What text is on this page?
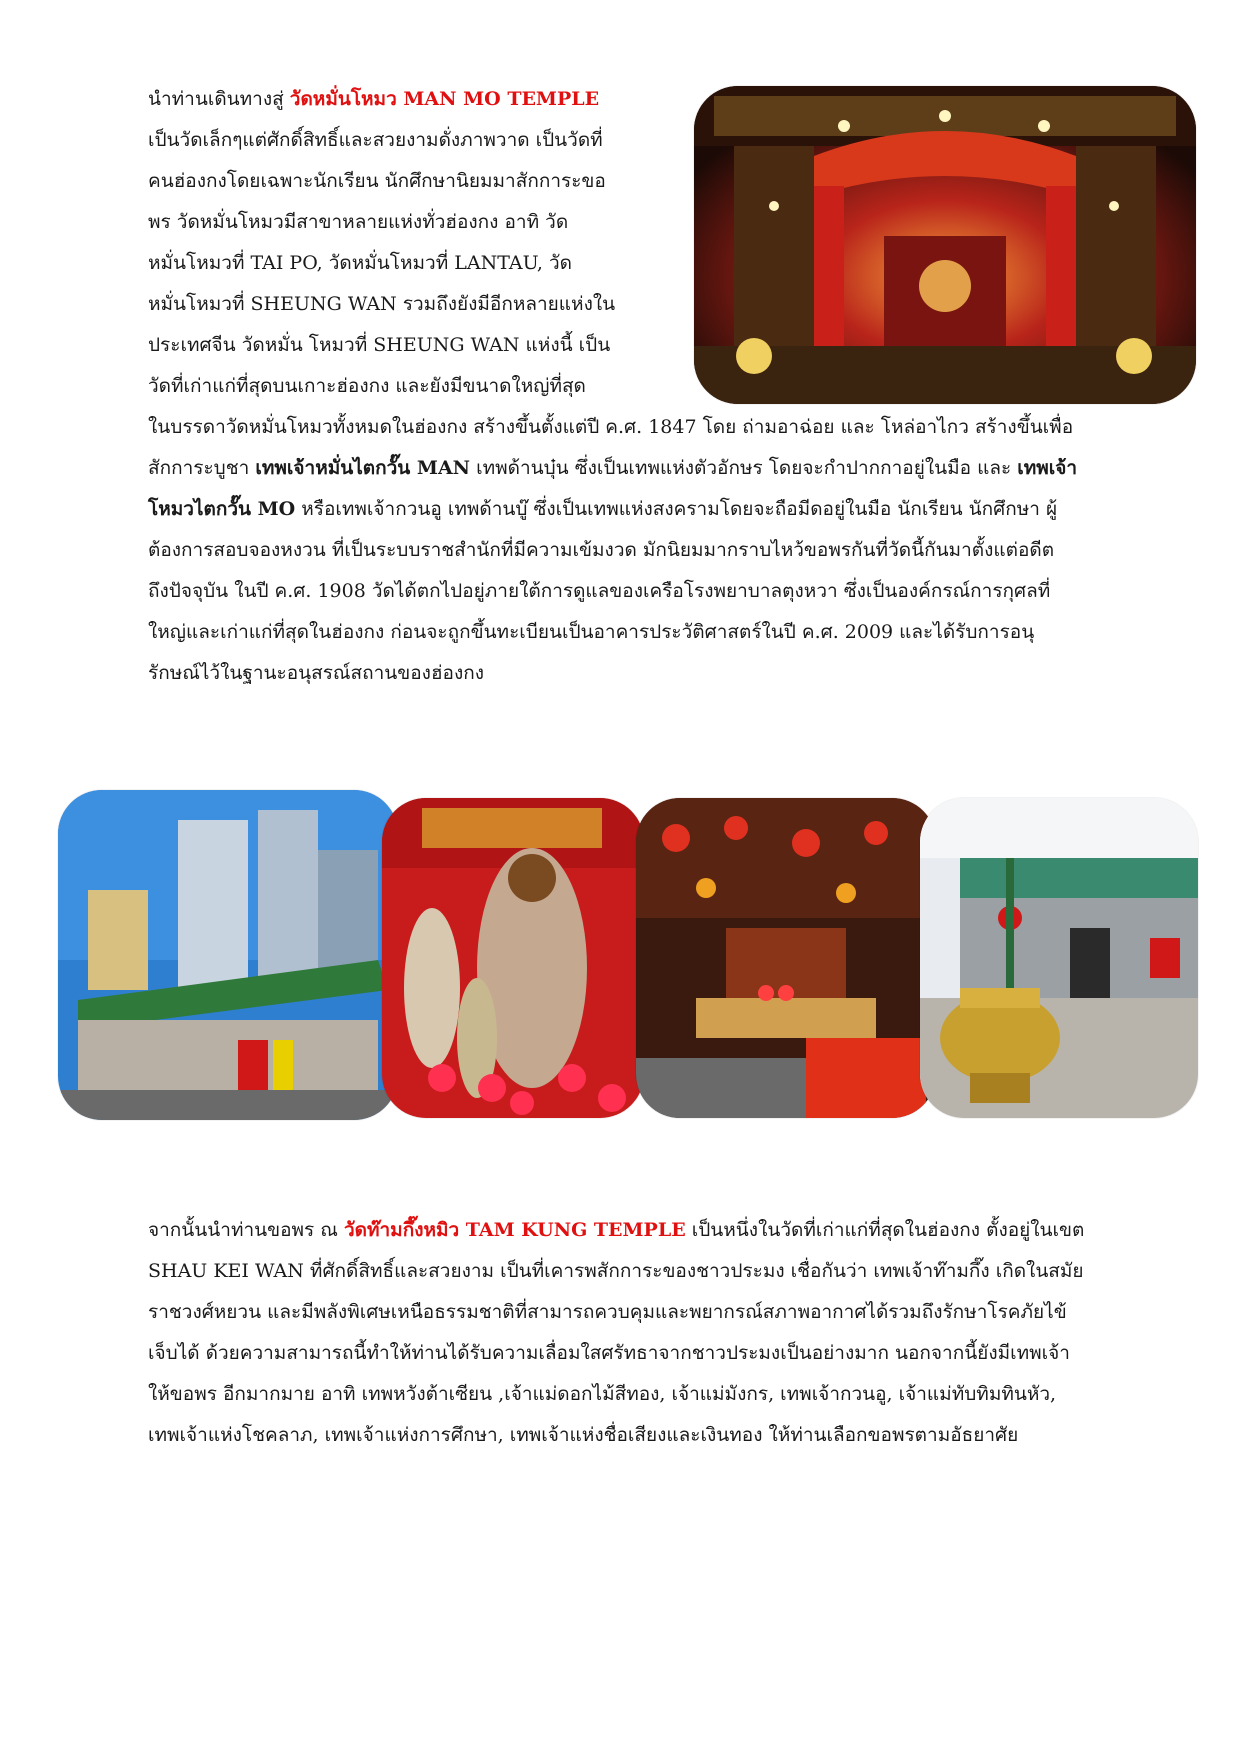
นำท่านเดินทางสู่ วัดหมั่นโหมว MAN MO TEMPLE
เป็นวัดเล็กๆแต่ศักดิ์สิทธิ์และสวยงามดั่งภาพวาด เป็นวัดที่
คนฮ่องกงโดยเฉพาะนักเรียน นักศึกษานิยมมาสักการะขอ
พร วัดหมั่นโหมวมีสาขาหลายแห่งทั่วฮ่องกง อาทิ วัด
หมั่นโหมวที่ TAI PO, วัดหมั่นโหมวที่ LANTAU, วัด
หมั่นโหมวที่ SHEUNG WAN รวมถึงยังมีอีกหลายแห่งใน
ประเทศจีน วัดหมั่น โหมวที่ SHEUNG WAN แห่งนี้ เป็น
วัดที่เก่าแก่ที่สุดบนเกาะฮ่องกง และยังมีขนาดใหญ่ที่สุด
ในบรรดาวัดหมั่นโหมวทั้งหมดในฮ่องกง สร้างขึ้นตั้งแต่ปี ค.ศ. 1847 โดย ถ่ามอาฉ่อย และ โหล่อาไกว สร้างขึ้นเพื่อ
สักการะบูชา เทพเจ้าหมั่นไตกวั๊น MAN เทพด้านบุ๋น ซึ่งเป็นเทพแห่งตัวอักษร โดยจะกำปากกาอยู่ในมือ และ เทพเจ้า
โหมวไตกวั๊น MO หรือเทพเจ้ากวนอู เทพด้านบู๊ ซึ่งเป็นเทพแห่งสงครามโดยจะถือมีดอยู่ในมือ นักเรียน นักศึกษา ผู้
ต้องการสอบจองหงวน ที่เป็นระบบราชสำนักที่มีความเข้มงวด มักนิยมมากราบไหว้ขอพรกันที่วัดนี้กันมาตั้งแต่อดีต
ถึงปัจจุบัน ในปี ค.ศ. 1908 วัดได้ตกไปอยู่ภายใต้การดูแลของเครือโรงพยาบาลตุงหวา ซึ่งเป็นองค์กรณ์การกุศลที่
ใหญ่และเก่าแก่ที่สุดในฮ่องกง ก่อนจะถูกขึ้นทะเบียนเป็นอาคารประวัติศาสตร์ในปี ค.ศ. 2009 และได้รับการอนุ
รักษณ์ไว้ในฐานะอนุสรณ์สถานของฮ่องกง
จากนั้นนำท่านขอพร ณ วัดท๊ามกึ๊งหมิว TAM KUNG TEMPLE เป็นหนึ่งในวัดที่เก่าแก่ที่สุดในฮ่องกง ตั้งอยู่ในเขต
SHAU KEI WAN ที่ศักดิ์สิทธิ์และสวยงาม เป็นที่เคารพสักการะของชาวประมง เชื่อกันว่า เทพเจ้าท๊ามกึ๊ง เกิดในสมัย
ราชวงศ์หยวน และมีพลังพิเศษเหนือธรรมชาติที่สามารถควบคุมและพยากรณ์สภาพอากาศได้รวมถึงรักษาโรคภัยไข้
เจ็บได้ ด้วยความสามารถนี้ทำให้ท่านได้รับความเลื่อมใสศรัทธาจากชาวประมงเป็นอย่างมาก นอกจากนี้ยังมีเทพเจ้า
ให้ขอพร อีกมากมาย อาทิ เทพหวังต้าเซียน ,เจ้าแม่ดอกไม้สีทอง, เจ้าแม่มังกร, เทพเจ้ากวนอู, เจ้าแม่ทับทิมทินหัว,
เทพเจ้าแห่งโชคลาภ, เทพเจ้าแห่งการศึกษา, เทพเจ้าแห่งชื่อเสียงและเงินทอง ให้ท่านเลือกขอพรตามอัธยาศัย
